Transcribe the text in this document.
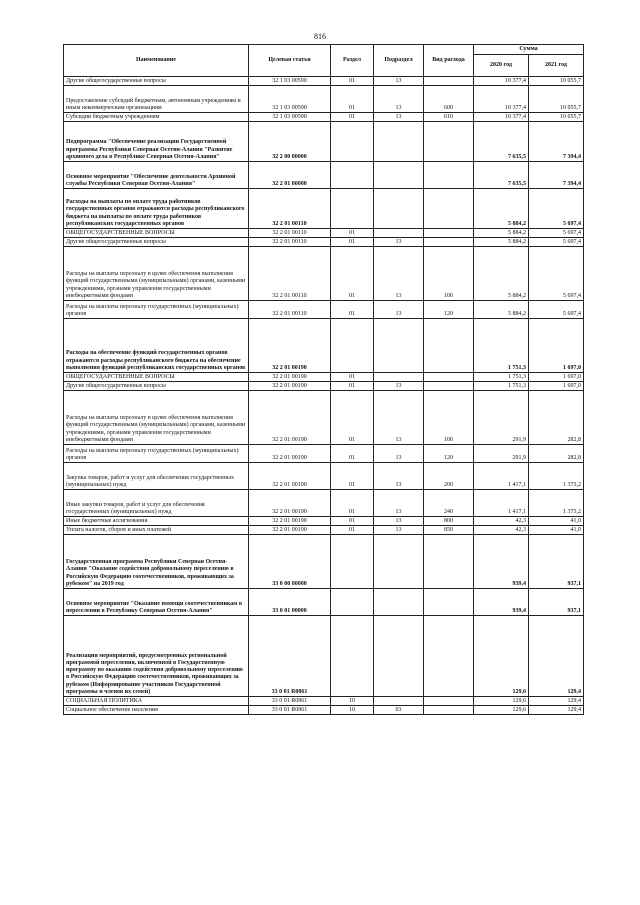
816
Наименование	Целевая статья	Раздел	Подраздел	Вид расхода	Сумма	
					2020 год	2021 год
Другие общегосударственные вопросы	32 1 03 00590	01	13		10 377,4	10 055,7
Предоставление субсидий бюджетным, автономным учреждениям и иным некоммерческим организациям	32 1 03 00590	01	13	600	10 377,4	10 055,7
Субсидии бюджетным учреждениям	32 1 03 00590	01	13	610	10 377,4	10 055,7
Подпрограмма "Обеспечение реализации Государственной программы Республики Северная Осетия-Алания "Развитие архивного дела в Республике Северная Осетия-Алания"	32 2 00 00000				7 635,5	7 394,4
Основное мероприятие "Обеспечение деятельности Архивной службы Республики Северная Осетия-Алания"	32 2 01 00000				7 635,5	7 394,4
Расходы на выплаты по оплате труда работников государственных органов отражаются расходы республиканского бюджета на выплаты по оплате труда работников республиканских государственных органов	32 2 01 00110				5 884,2	5 697,4
ОБЩЕГОСУДАРСТВЕННЫЕ ВОПРОСЫ	32 2 01 00110	01			5 884,2	5 697,4
Другие общегосударственные вопросы	32 2 01 00110	01	13		5 884,2	5 697,4
Расходы на выплаты персоналу в целях обеспечения выполнения функций государственными (муниципальными) органами, казенными учреждениями, органами управления государственными внебюджетными фондами	32 2 01 00110	01	13	100	5 884,2	5 697,4
Расходы на выплаты персоналу государственных (муниципальных) органов	32 2 01 00110	01	13	120	5 884,2	5 697,4
Расходы на обеспечение функций государственных органов отражаются расходы республиканского бюджета на обеспечение выполнения функций республиканских государственных органов	32 2 01 00190				1 751,3	1 697,0
ОБЩЕГОСУДАРСТВЕННЫЕ ВОПРОСЫ	32 2 01 00190	01			1 751,3	1 697,0
Другие общегосударственные вопросы	32 2 01 00190	01	13		1 751,3	1 697,0
Расходы на выплаты персоналу в целях обеспечения выполнения функций государственными (муниципальными) органами, казенными учреждениями, органами управления государственными внебюджетными фондами	32 2 01 00190	01	13	100	291,9	282,8
Расходы на выплаты персоналу государственных (муниципальных) органов	32 2 01 00190	01	13	120	291,9	282,8
Закупка товаров, работ и услуг для обеспечения государственных (муниципальных) нужд	32 2 01 00190	01	13	200	1 417,1	1 373,2
Иные закупки товаров, работ и услуг для обеспечения государственных (муниципальных) нужд	32 2 01 00190	01	13	240	1 417,1	1 373,2
Иные бюджетные ассигнования	32 2 01 00190	01	13	800	42,3	41,0
Уплата налогов, сборов и иных платежей	32 2 01 00190	01	13	850	42,3	41,0
Государственная программа Республики Северная Осетия-Алания "Оказание содействия добровольному переселению в Российскую Федерацию соотечественников, проживающих за рубежом" на 2019 год	33 0 00 00000				939,4	937,1
Основное мероприятие "Оказание помощи соотечественникам в переселении в Республику Северная Осетия-Алания"	33 0 01 00000				939,4	937,1
Реализация мероприятий, предусмотренных региональной программой переселения, включенной в Государственную программу по оказанию содействия добровольному переселению в Российскую Федерацию соотечественников, проживающих за рубежом (Информирование участников Государственной программы и членов их семей)	33 0 01 R0861				129,6	129,4
СОЦИАЛЬНАЯ ПОЛИТИКА	33 0 01 R0861	10			129,6	129,4
Социальное обеспечение населения	33 0 01 R0861	10	03		129,6	129,4
